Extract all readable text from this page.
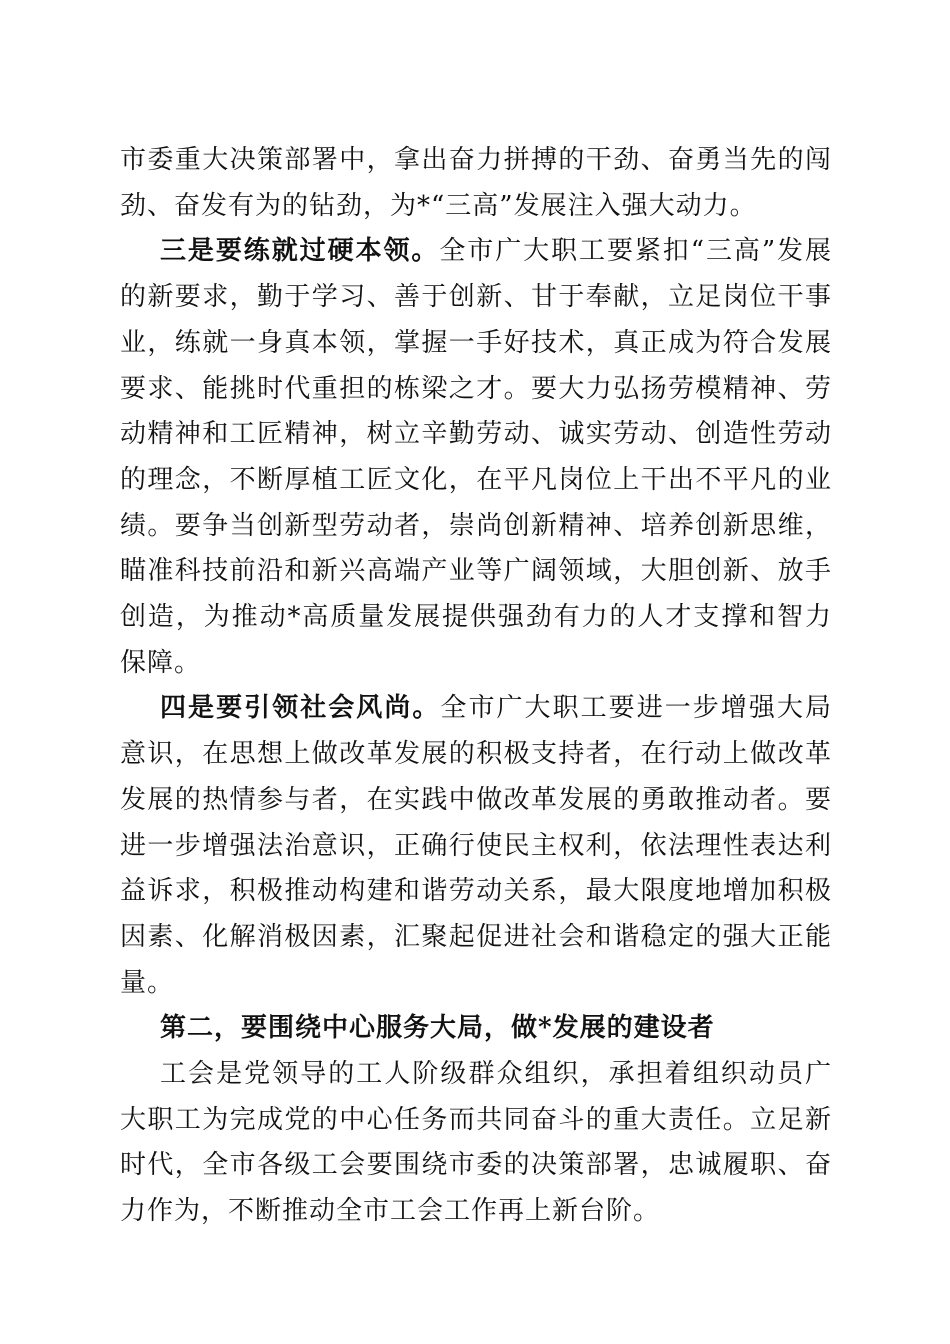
市委重大决策部署中，拿出奋力拼搏的干劲、奋勇当先的闯劲、奋发有为的钻劲，为*“三高”发展注入强大动力。

三是要练就过硬本领。全市广大职工要紧扣“三高”发展的新要求，勤于学习、善于创新、甘于奉献，立足岗位干事业，练就一身真本领，掌握一手好技术，真正成为符合发展要求、能挑时代重担的栋梁之才。要大力弘扬劳模精神、劳动精神和工匠精神，树立辛勤劳动、诚实劳动、创造性劳动的理念，不断厚植工匠文化，在平凡岗位上干出不平凡的业绩。要争当创新型劳动者，崇尚创新精神、培养创新思维，瞄准科技前沿和新兴高端产业等广阔领域，大胆创新、放手创造，为推动*高质量发展提供强劲有力的人才支撑和智力保障。

四是要引领社会风尚。全市广大职工要进一步增强大局意识，在思想上做改革发展的积极支持者，在行动上做改革发展的热情参与者，在实践中做改革发展的勇敢推动者。要进一步增强法治意识，正确行使民主权利，依法理性表达利益诉求，积极推动构建和谐劳动关系，最大限度地增加积极因素、化解消极因素，汇聚起促进社会和谐稳定的强大正能量。

第二，要围绕中心服务大局，做*发展的建设者

工会是党领导的工人阶级群众组织，承担着组织动员广大职工为完成党的中心任务而共同奋斗的重大责任。立足新时代，全市各级工会要围绕市委的决策部署，忠诚履职、奋力作为，不断推动全市工会工作再上新台阶。
